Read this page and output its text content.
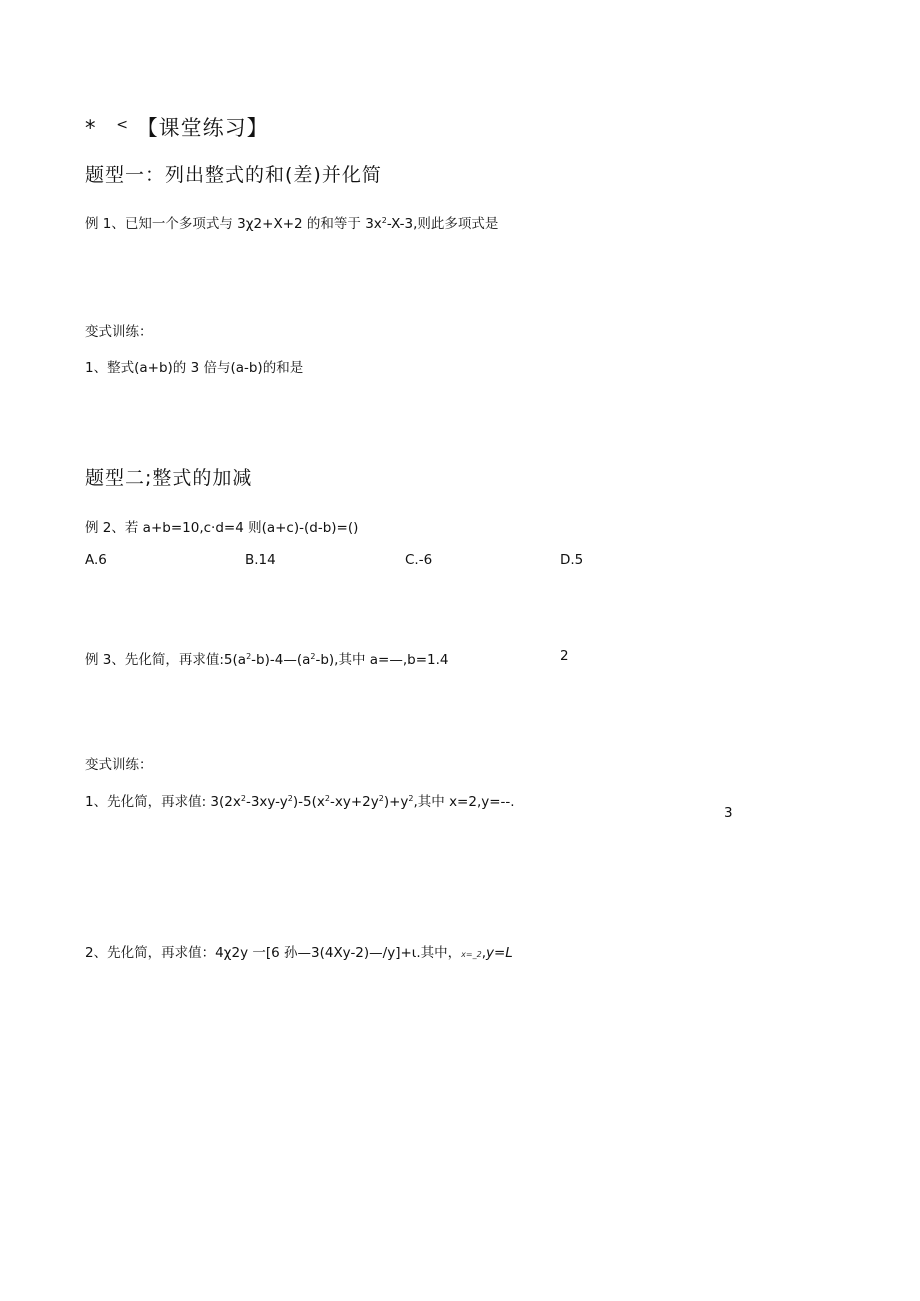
* < 【课堂练习】
题型一：列出整式的和(差)并化简
例 1、已知一个多项式与 3χ2+X+2 的和等于 $3x^2-X-3$,则此多项式是
变式训练：
1、整式(a+b)的 3 倍与(a-b)的和是
题型二;整式的加减
例 2、若 a+b=10,c·d=4 则(a+c)-(d-b)=()
A.6	B.14	C.-6	D.5
例 3、先化简，再求值$:5(a^2-b)-4—(a^2-b)$,其中 a=—,b=1.4	2
变式训练：
1、先化简，再求值: $3(2x^2-3xy-y^2)-5(x^2-xy+2y^2)+y^2$,其中 x=2,y=--.
3
2、先化简，再求值：4χ2y 一[6 孙—3(4Xy-2)—/y]+ι.其中，x=_2,y=L
